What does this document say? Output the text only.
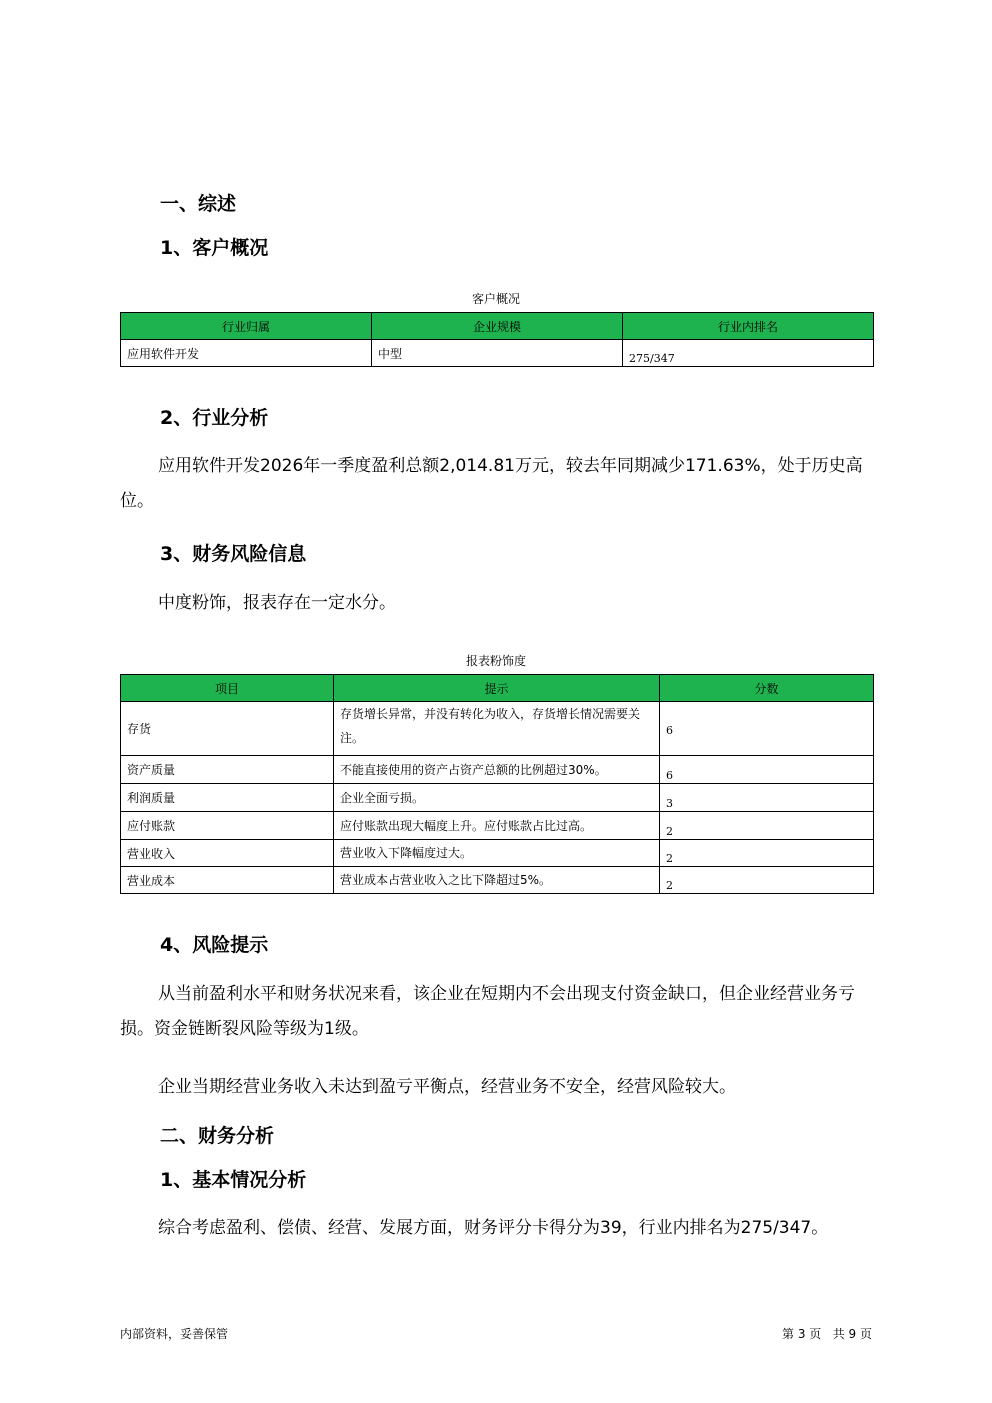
一、综述
1、客户概况
客户概况
行业归属	企业规模	行业内排名
应用软件开发	中型	275/347
2、行业分析
应用软件开发2026年一季度盈利总额2,014.81万元，较去年同期减少171.63%，处于历史高位。
3、财务风险信息
中度粉饰，报表存在一定水分。
报表粉饰度
项目	提示	分数
存货	存货增长异常，并没有转化为收入，存货增长情况需要关注。	6
资产质量	不能直接使用的资产占资产总额的比例超过30%。	6
利润质量	企业全面亏损。	3
应付账款	应付账款出现大幅度上升。应付账款占比过高。	2
营业收入	营业收入下降幅度过大。	2
营业成本	营业成本占营业收入之比下降超过5%。	2
4、风险提示
从当前盈利水平和财务状况来看，该企业在短期内不会出现支付资金缺口，但企业经营业务亏损。资金链断裂风险等级为1级。
企业当期经营业务收入未达到盈亏平衡点，经营业务不安全，经营风险较大。
二、财务分析
1、基本情况分析
综合考虑盈利、偿债、经营、发展方面，财务评分卡得分为39，行业内排名为275/347。
内部资料，妥善保管	第 3 页   共 9 页
